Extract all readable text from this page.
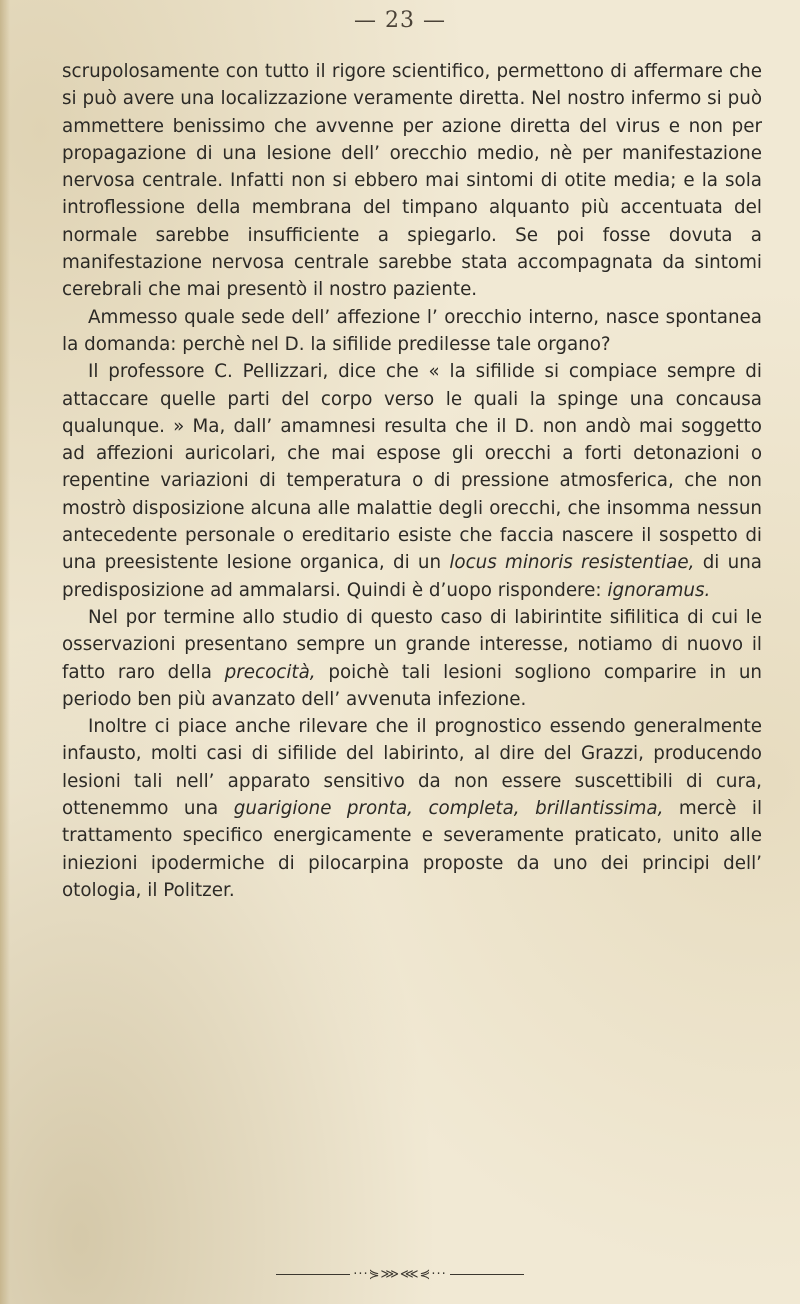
— 23 —

scrupolosamente con tutto il rigore scientifico, permettono di affermare che si può avere una localizzazione veramente diretta. Nel nostro infermo si può ammettere benissimo che avvenne per azione diretta del virus e non per propagazione di una lesione dell’ orecchio medio, nè per manifestazione nervosa centrale. Infatti non si ebbero mai sintomi di otite media; e la sola introflessione della membrana del timpano alquanto più accentuata del normale sarebbe insufficiente a spiegarlo. Se poi fosse dovuta a manifestazione nervosa centrale sarebbe stata accompagnata da sintomi cerebrali che mai presentò il nostro paziente.

Ammesso quale sede dell’ affezione l’ orecchio interno, nasce spontanea la domanda: perchè nel D. la sifilide predilesse tale organo?

Il professore C. Pellizzari, dice che « la sifilide si compiace sempre di attaccare quelle parti del corpo verso le quali la spinge una concausa qualunque. » Ma, dall’ amamnesi resulta che il D. non andò mai soggetto ad affezioni auricolari, che mai espose gli orecchi a forti detonazioni o repentine variazioni di temperatura o di pressione atmosferica, che non mostrò disposizione alcuna alle malattie degli orecchi, che insomma nessun antecedente personale o ereditario esiste che faccia nascere il sospetto di una preesistente lesione organica, di un locus minoris resistentiae, di una predisposizione ad ammalarsi. Quindi è d’uopo rispondere: ignoramus.

Nel por termine allo studio di questo caso di labirintite sifilitica di cui le osservazioni presentano sempre un grande interesse, notiamo di nuovo il fatto raro della precocità, poichè tali lesioni sogliono comparire in un periodo ben più avanzato dell’ avvenuta infezione.

Inoltre ci piace anche rilevare che il prognostico essendo generalmente infausto, molti casi di sifilide del labirinto, al dire del Grazzi, producendo lesioni tali nell’ apparato sensitivo da non essere suscettibili di cura, ottenemmo una guarigione pronta, completa, brillantissima, mercè il trattamento specifico energicamente e severamente praticato, unito alle iniezioni ipodermiche di pilocarpina proposte da uno dei principi dell’ otologia, il Politzer.

···⋟⋙⋘⋞···
